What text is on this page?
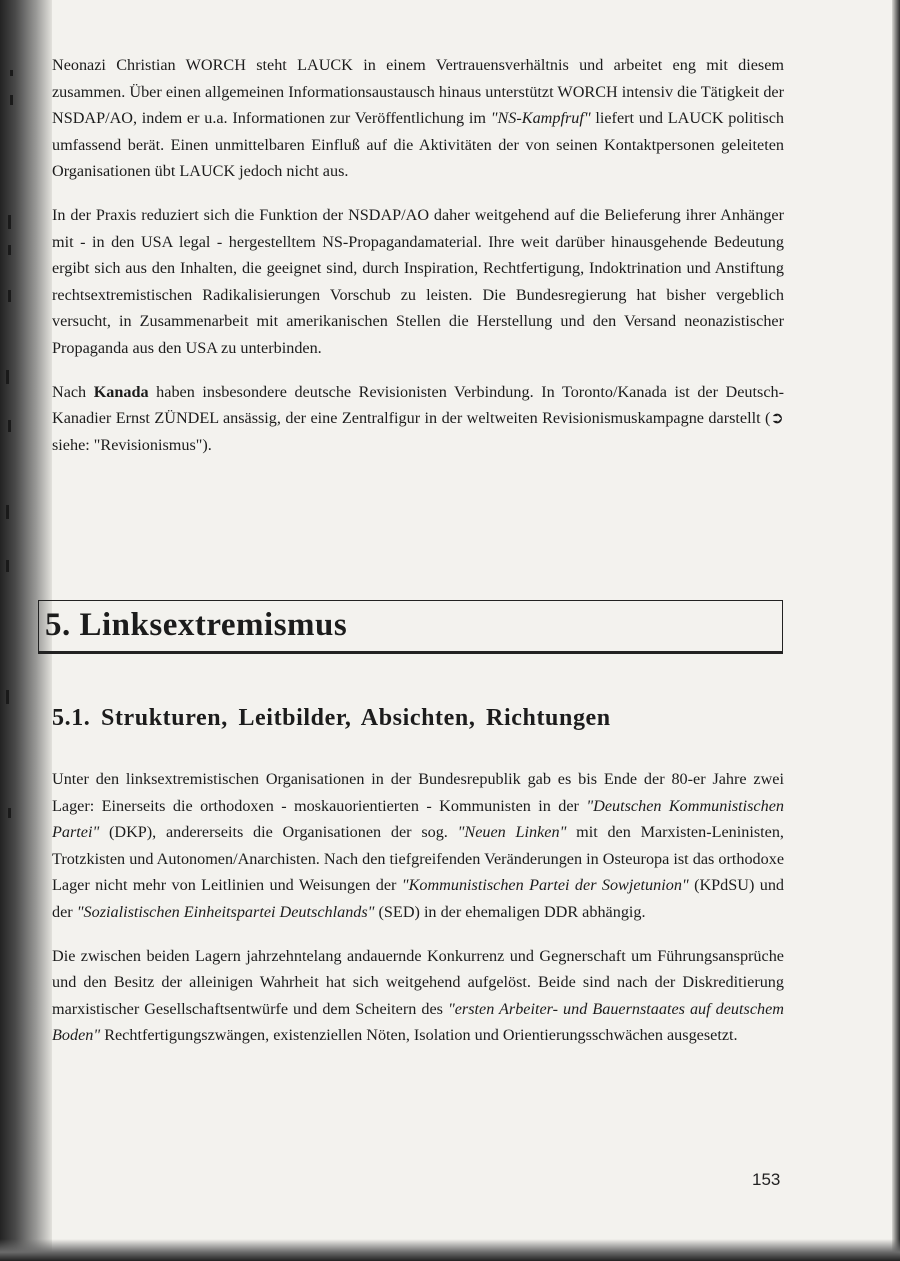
Neonazi Christian WORCH steht LAUCK in einem Vertrauensverhältnis und arbeitet eng mit diesem zusammen. Über einen allgemeinen Informationsaustausch hinaus unterstützt WORCH intensiv die Tätigkeit der NSDAP/AO, indem er u.a. Informationen zur Veröffentlichung im "NS-Kampfruf" liefert und LAUCK politisch umfassend berät. Einen unmittelbaren Einfluß auf die Aktivitäten der von seinen Kontaktpersonen geleiteten Organisationen übt LAUCK jedoch nicht aus.

In der Praxis reduziert sich die Funktion der NSDAP/AO daher weitgehend auf die Belieferung ihrer Anhänger mit - in den USA legal - hergestelltem NS-Propagandamaterial. Ihre weit darüber hinausgehende Bedeutung ergibt sich aus den Inhalten, die geeignet sind, durch Inspiration, Rechtfertigung, Indoktrination und Anstiftung rechtsextremistischen Radikalisierungen Vorschub zu leisten. Die Bundesregierung hat bisher vergeblich versucht, in Zusammenarbeit mit amerikanischen Stellen die Herstellung und den Versand neonazistischer Propaganda aus den USA zu unterbinden.

Nach Kanada haben insbesondere deutsche Revisionisten Verbindung. In Toronto/Kanada ist der Deutsch-Kanadier Ernst ZÜNDEL ansässig, der eine Zentralfigur in der weltweiten Revisionismuskampagne darstellt (➲ siehe: "Revisionismus").

5. Linksextremismus
5.1. Strukturen, Leitbilder, Absichten, Richtungen

Unter den linksextremistischen Organisationen in der Bundesrepublik gab es bis Ende der 80-er Jahre zwei Lager: Einerseits die orthodoxen - moskauorientierten - Kommunisten in der "Deutschen Kommunistischen Partei" (DKP), andererseits die Organisationen der sog. "Neuen Linken" mit den Marxisten-Leninisten, Trotzkisten und Autonomen/Anarchisten. Nach den tiefgreifenden Veränderungen in Osteuropa ist das orthodoxe Lager nicht mehr von Leitlinien und Weisungen der "Kommunistischen Partei der Sowjetunion" (KPdSU) und der "Sozialistischen Einheitspartei Deutschlands" (SED) in der ehemaligen DDR abhängig.

Die zwischen beiden Lagern jahrzehntelang andauernde Konkurrenz und Gegnerschaft um Führungsansprüche und den Besitz der alleinigen Wahrheit hat sich weitgehend aufgelöst. Beide sind nach der Diskreditierung marxistischer Gesellschaftsentwürfe und dem Scheitern des "ersten Arbeiter- und Bauernstaates auf deutschem Boden" Rechtfertigungszwängen, existenziellen Nöten, Isolation und Orientierungsschwächen ausgesetzt.

153
